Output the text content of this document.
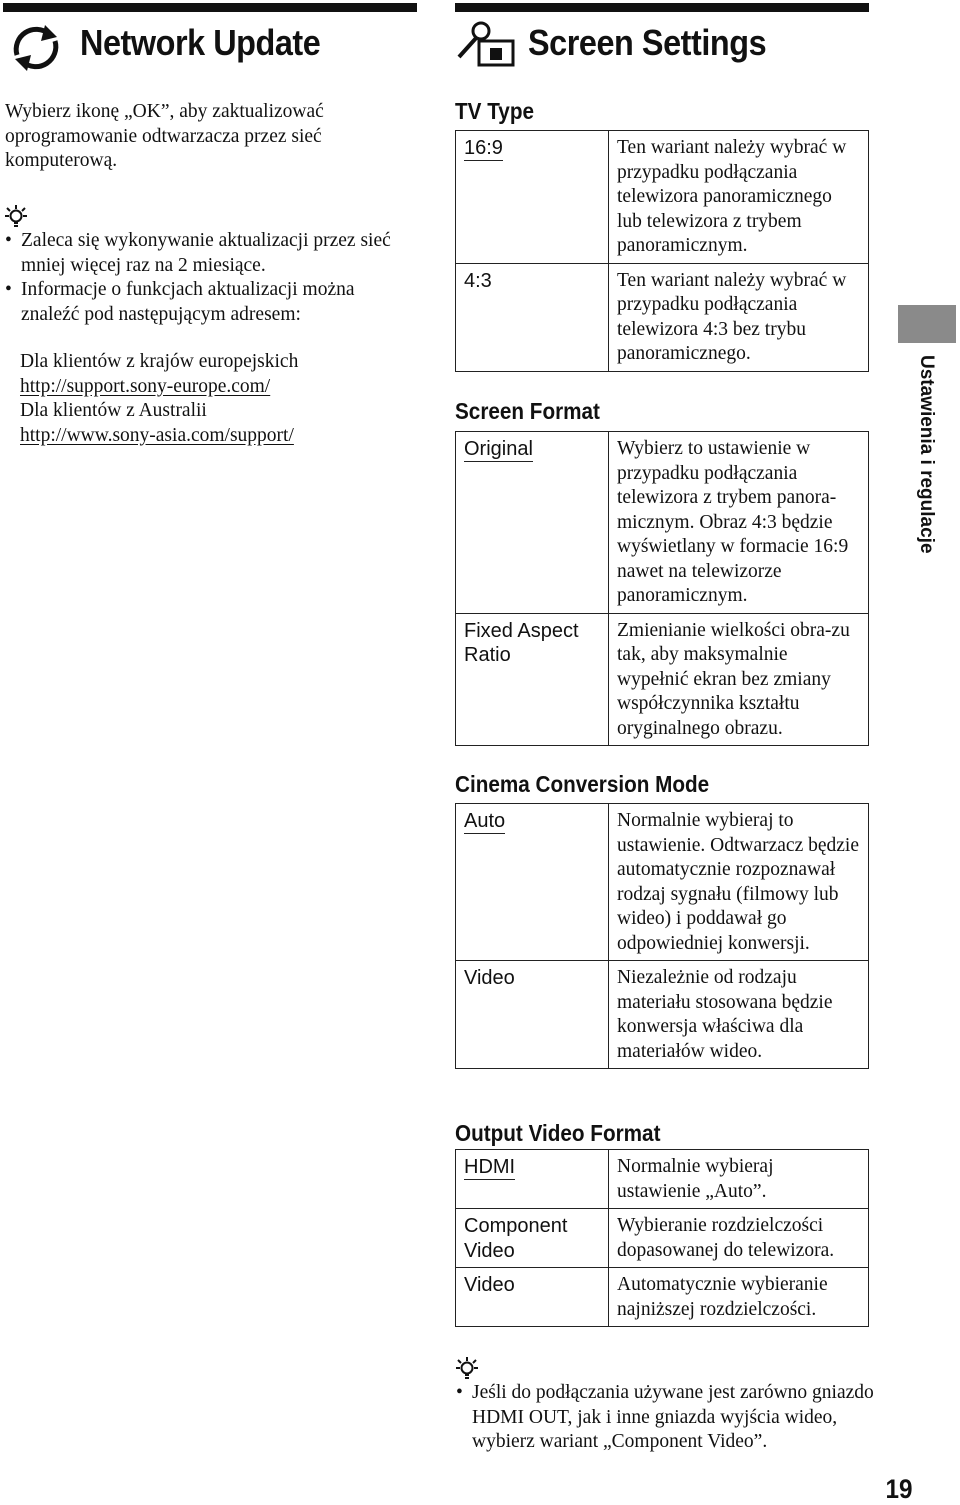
Network Update
Wybierz ikonę „OK”, aby zaktualizować oprogramowanie odtwarzacza przez sieć komputerową.
• Zaleca się wykonywanie aktualizacji przez sieć mniej więcej raz na 2 miesiące.
• Informacje o funkcjach aktualizacji można znaleźć pod następującym adresem:
Dla klientów z krajów europejskich
http://support.sony-europe.com/
Dla klientów z Australii
http://www.sony-asia.com/support/
Screen Settings
TV Type
16:9	Ten wariant należy wybrać w przypadku podłączania telewizora panoramicznego lub telewizora z trybem panoramicznym.
4:3	Ten wariant należy wybrać w przypadku podłączania telewizora 4:3 bez trybu panoramicznego.
Screen Format
Original	Wybierz to ustawienie w przypadku podłączania telewizora z trybem panora-micznym. Obraz 4:3 będzie wyświetlany w formacie 16:9 nawet na telewizorze panoramicznym.
Fixed Aspect Ratio	Zmienianie wielkości obra-zu tak, aby maksymalnie wypełnić ekran bez zmiany współczynnika kształtu oryginalnego obrazu.
Cinema Conversion Mode
Auto	Normalnie wybieraj to ustawienie. Odtwarzacz będzie automatycznie rozpoznawał rodzaj sygnału (filmowy lub wideo) i poddawał go odpowiedniej konwersji.
Video	Niezależnie od rodzaju materiału stosowana będzie konwersja właściwa dla materiałów wideo.
Output Video Format
HDMI	Normalnie wybieraj ustawienie „Auto”.
Component Video	Wybieranie rozdzielczości dopasowanej do telewizora.
Video	Automatycznie wybieranie najniższej rozdzielczości.
• Jeśli do podłączania używane jest zarówno gniazdo HDMI OUT, jak i inne gniazda wyjścia wideo, wybierz wariant „Component Video”.
Ustawienia i regulacje
19
